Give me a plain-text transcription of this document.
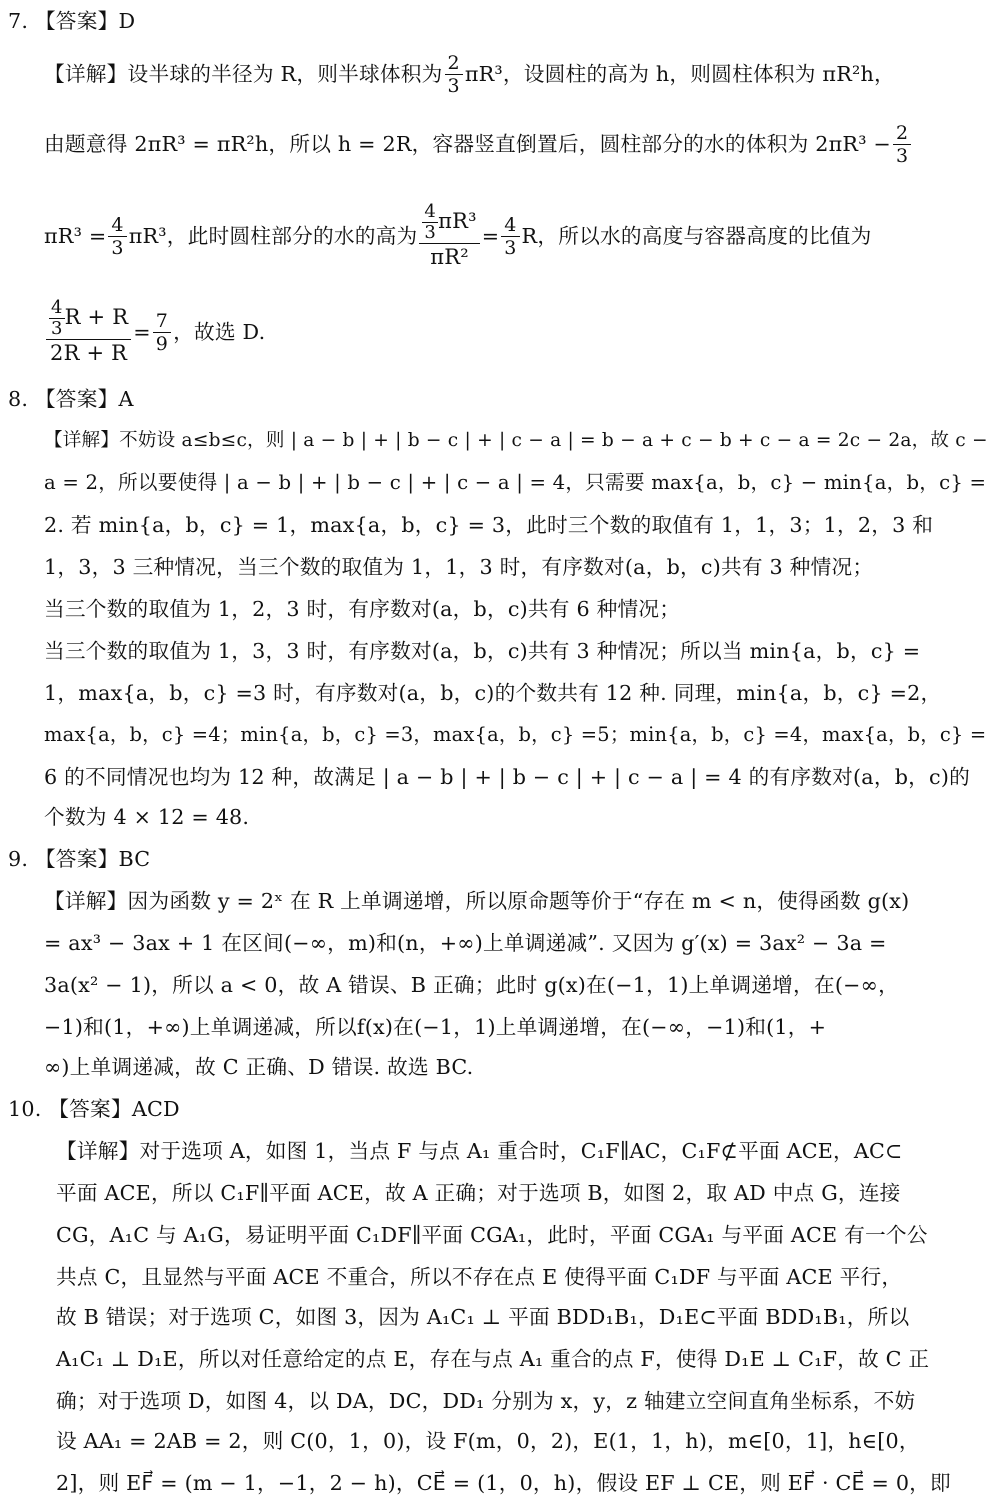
7. 【答案】D
【详解】设半球的半径为 R，则半球体积为 $\frac{2}{3} \pi R^3$，设圆柱的高为 h，则圆柱体积为 πR²h，
由题意得 2πR³ = πR²h，所以 h = 2R，容器竖直倒置后，圆柱部分的水的体积为 $2\pi R^3 - \frac{2}{3}$
$\pi R^3 = \frac{4}{3} \pi R^3$，此时圆柱部分的水的高为 $\frac{\frac{4}{3} \pi R^3}{\text{πR²}} = \frac{4}{3}$ R，所以水的高度与容器高度的比值为
$\frac{\frac{4}{3} R + R}{2R + R} = \frac{7}{9}$ ，故选 D.
8. 【答案】A
【详解】不妨设 a≤b≤c，则 | a − b | + | b − c | + | c − a | = b − a + c − b + c − a = 2c − 2a，故 c −
a = 2，所以要使得 | a − b | + | b − c | + | c − a | = 4，只需要 max{a，b，c} − min{a，b，c} =
2. 若 min{a，b，c} = 1，max{a，b，c} = 3，此时三个数的取值有 1，1，3；1，2，3 和
1，3，3 三种情况，当三个数的取值为 1，1，3 时，有序数对(a，b，c)共有 3 种情况；
当三个数的取值为 1，2，3 时，有序数对(a，b，c)共有 6 种情况；
当三个数的取值为 1，3，3 时，有序数对(a，b，c)共有 3 种情况；所以当 min{a，b，c} =
1，max{a，b，c} =3 时，有序数对(a，b，c)的个数共有 12 种. 同理，min{a，b，c} =2，
max{a，b，c} =4；min{a，b，c} =3，max{a，b，c} =5；min{a，b，c} =4，max{a，b，c} =
6 的不同情况也均为 12 种，故满足 | a − b | + | b − c | + | c − a | = 4 的有序数对(a，b，c)的
个数为 4 × 12 = 48.
9. 【答案】BC
【详解】因为函数 y = 2ˣ 在 R 上单调递增，所以原命题等价于“存在 m < n，使得函数 g(x)
= ax³ − 3ax + 1 在区间(−∞，m)和(n，+∞)上单调递减”. 又因为 g′(x) = 3ax² − 3a =
3a(x² − 1)，所以 a < 0，故 A 错误、B 正确；此时 g(x)在(−1，1)上单调递增，在(−∞，
−1)和(1，+∞)上单调递减，所以f(x)在(−1，1)上单调递增，在(−∞，−1)和(1，+
∞)上单调递减，故 C 正确、D 错误. 故选 BC.
10. 【答案】ACD
【详解】对于选项 A，如图 1，当点 F 与点 A₁ 重合时，C₁F∥AC，C₁F⊄平面 ACE，AC⊂
平面 ACE，所以 C₁F∥平面 ACE，故 A 正确；对于选项 B，如图 2，取 AD 中点 G，连接
CG，A₁C 与 A₁G，易证明平面 C₁DF∥平面 CGA₁，此时，平面 CGA₁ 与平面 ACE 有一个公
共点 C，且显然与平面 ACE 不重合，所以不存在点 E 使得平面 C₁DF 与平面 ACE 平行，
故 B 错误；对于选项 C，如图 3，因为 A₁C₁ ⊥ 平面 BDD₁B₁，D₁E⊂平面 BDD₁B₁，所以
A₁C₁ ⊥ D₁E，所以对任意给定的点 E，存在与点 A₁ 重合的点 F，使得 D₁E ⊥ C₁F，故 C 正
确；对于选项 D，如图 4，以 DA，DC，DD₁ 分别为 x，y，z 轴建立空间直角坐标系，不妨
设 AA₁ = 2AB = 2，则 C(0，1，0)，设 F(m，0，2)，E(1，1，h)，m∈[0，1]，h∈[0，
2]，则 EF⃗ = (m − 1，−1，2 − h)，CE⃗ = (1，0，h)，假设 EF ⊥ CE，则 EF⃗ · CE⃗ = 0，即
